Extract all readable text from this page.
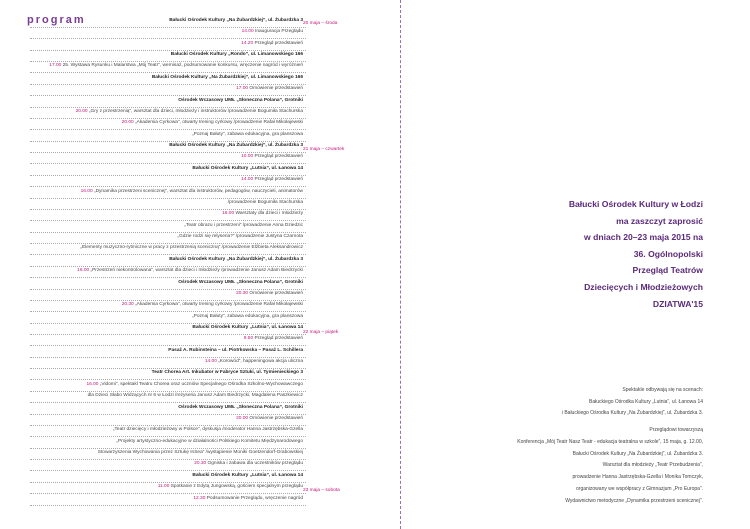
program	Bałucki Ośrodek Kultury „Na Żubardzkiej”, ul. Żubardzka 3
14.00 Inauguracja Przeglądu
14.20 Przegląd przedstawień
Bałucki Ośrodek Kultury „Rondo”, ul. Limanowskiego 166
17.00 25. Wystawa Rysunku i Malarstwa „Mój Teatr”, wernisaż, podsumowanie konkursu, wręczenie nagród i wyróżnień
Bałucki Ośrodek Kultury „Na Żubardzkiej”, ul. Limanowskiego 166
17.00 Omówienie przedstawień
Ośrodek Wczasowy UMŁ „Słoneczna Polana”, Grotniki
20.00 „Gry z przestrzenią”, warsztat dla dzieci, młodzieży i instruktorów /prowadzenie Bogumiła Stachurska
20.00 „Akademia Cyrkowa”, otwarty trening cyrkowy /prowadzenie Rafał Mikołajewski
„Poznaj Bałuty”, zabawa edukacyjna, gra planszowa
Bałucki Ośrodek Kultury „Na Żubardzkiej”, ul. Żubardzka 3
10.00 Przegląd przedstawień
Bałucki Ośrodek Kultury „Lutnia”, ul. Łanowa 14
14.00 Przegląd przedstawień
16.00 „Dynamika przestrzeni scenicznej”, warsztat dla instruktorów, pedagogów, nauczycieli, animatorów
/prowadzenie Bogumiła Stachurska
16.00 Warsztaty dla dzieci i młodzieży
„Teatr obrazu i przestrzeni” /prowadzenie Anna Dziedzic
„Gdzie rodzi się relyseria?” /prowadzenie Justyna Czarnota
„Elementy muzyczno-rytmiczne w pracy z przestrzenią sceniczną” /prowadzenie Elżbieta Aleksandrowicz
Bałucki Ośrodek Kultury „Na Żubardzkiej”, ul. Żubardzka 3
16.00 „Przestrzeń niekontrolowana”, warsztat dla dzieci i młodzieży /prowadzenie Janusz Adam Biedrzycki
Ośrodek Wczasowy UMŁ „Słoneczna Polana”, Grotniki
20.30 Omówienie przedstawień
20.30 „Akademia Cyrkowa”, otwarty trening cyrkowy /prowadzenie Rafał Mikołajewski
„Poznaj Bałuty”, zabawa edukacyjna, gra planszowa
Bałucki Ośrodek Kultury „Lutnia”, ul. Łanowa 14
9.50 Przegląd przedstawień
Pasaż A. Rubinsteina – ul. Piotrkowska – Pasaż L. Schillera
14.00 „Korowód”, happeningowa akcja uliczna
Teatr Chorea Art. Inkubator w Fabryce Sztuki, ul. Tymienieckiego 3
16.00 „Vidomi”, spektakl Teatru Chorea oraz uczniów Specjalnego Ośrodka Szkolno-Wychowawczego
dla Dzieci Słabo Widzących nr 6 w Łodzi /reżyseria Janusz Adam Biedrzycki, Magdalena Paszkiewicz
Ośrodek Wczasowy UMŁ „Słoneczna Polana”, Grotniki
20.00 Omówienie przedstawień
„Teatr dziecięcy i młodzieżowy w Polsce”, dyskusja /moderator Hanna Jastrzębska-Gzella
„Projekty artystyczno-edukacyjne w działalności Polskiego Komitetu Międzynarodowego
Stowarzyszenia Wychowania przez Sztukę InSea” /wystąpienie Moniki Goetzendorf-Grabowskiej
20.30 Ogniska i zabawa dla uczestników przeglądu
Bałucki Ośrodek Kultury „Lutnia”, ul. Łanowa 14
11.00 Spotkanie z Edytą Jungowską, gościem specjalnym przeglądu
12.30 Podsumowanie Przeglądu, wręczenie nagród
20 maja – środa
21 maja – czwartek
22 maja – piątek
23 maja – sobota
Bałucki Ośrodek Kultury w Łodzi
ma zaszczyt zaprosić
w dniach 20–23 maja 2015 na
36. Ogólnopolski
Przegląd Teatrów
Dziecięcych i Młodzieżowych
DZIATWA'15
Spektakle odbywają się na scenach:
Bałuckiego Ośrodka Kultury „Lutnia”, ul. Łanowa 14
i Bałuckiego Ośrodka Kultury „Na Żubardzkiej”, ul. Żubardzka 3.
Przeglądowi towarzyszą
Konferencja „Mój Teatr Nasz Teatr - edukacja teatralna w szkole”, 15 maja, g. 12.00,
Bałucki Ośrodek Kultury „Na Żubardzkiej”, ul. Żubardzka 3.
Warsztat dla młodzieży „Teatr Przebudzenia”,
prowadzenie Hanna Jastrzębska-Gzella i Monika Tomczyk,
organizowany we współpracy z Gimnazjum „Pro Europa”.
Wydawnictwo metodyczne „Dynamika przestrzeni scenicznej”.
